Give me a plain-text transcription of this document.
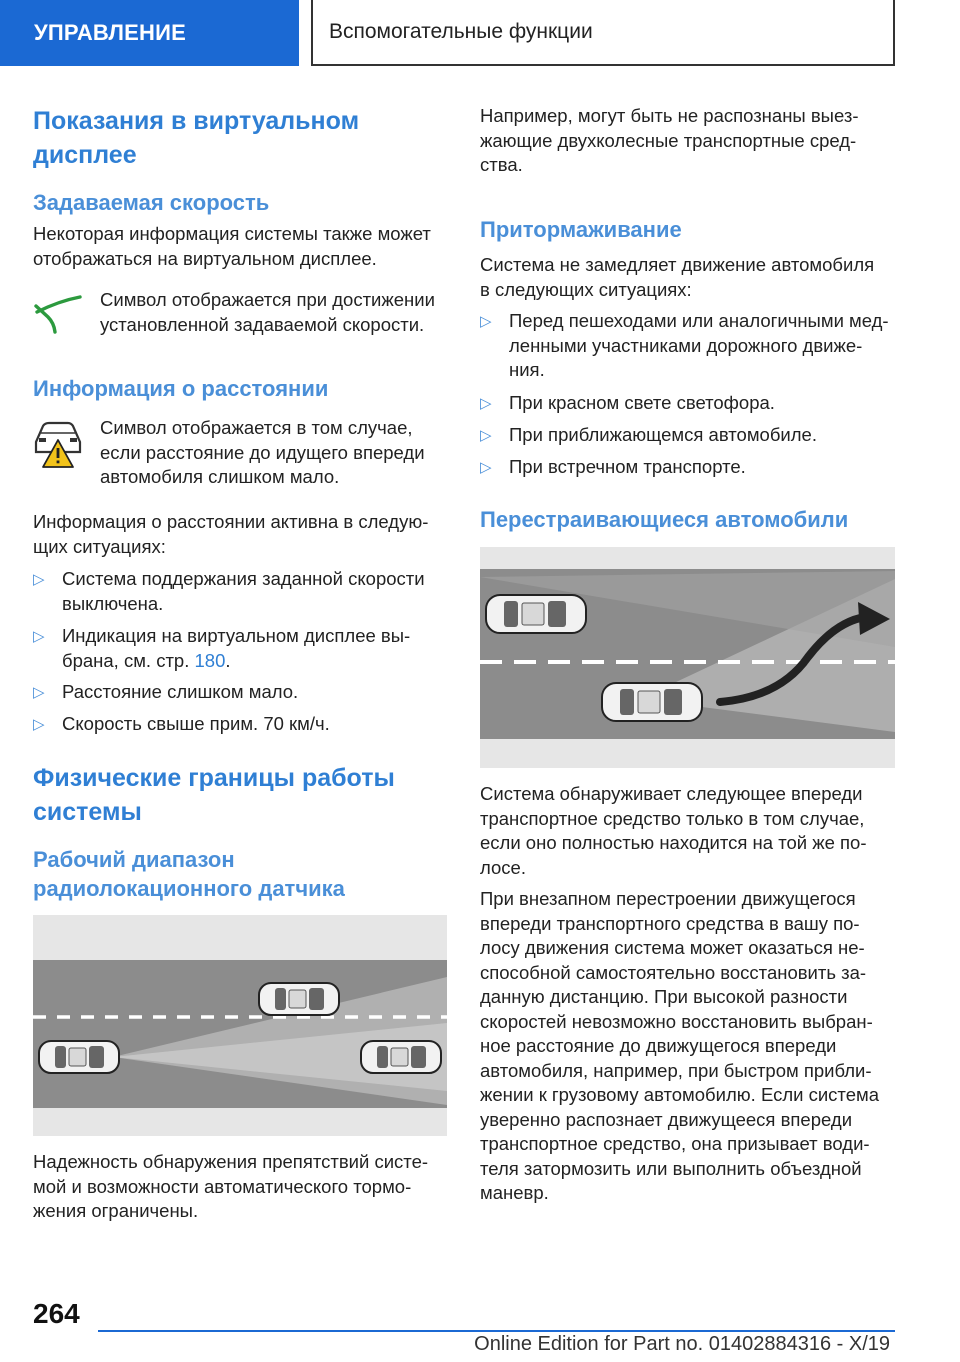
УПРАВЛЕНИЕ	Вспомогательные функции
Показания в виртуальном
дисплее
Задаваемая скорость

Некоторая информация системы также может
отображаться на виртуальном дисплее.

Символ отображается при достижении
установленной задаваемой скорости.

Информация о расстоянии

Символ отображается в том случае,
если расстояние до идущего впереди
автомобиля слишком мало.

Информация о расстоянии активна в следую-
щих ситуациях:

▷ Система поддержания заданной скорости
выключена.
▷ Индикация на виртуальном дисплее вы-
брана, см. стр. 180.
▷ Расстояние слишком мало.
▷ Скорость свыше прим. 70 км/ч.
Физические границы работы
системы
Рабочий диапазон
радиолокационного датчика

Надежность обнаружения препятствий систе-
мой и возможности автоматического тормо-
жения ограничены.

Например, могут быть не распознаны выез-
жающие двухколесные транспортные сред-
ства.

Притормаживание

Система не замедляет движение автомобиля
в следующих ситуациях:

▷ Перед пешеходами или аналогичными мед-
ленными участниками дорожного движе-
ния.
▷ При красном свете светофора.
▷ При приближающемся автомобиле.
▷ При встречном транспорте.
Перестраивающиеся автомобили

Система обнаруживает следующее впереди
транспортное средство только в том случае,
если оно полностью находится на той же по-
лосе.

При внезапном перестроении движущегося
впереди транспортного средства в вашу по-
лосу движения система может оказаться не-
способной самостоятельно восстановить за-
данную дистанцию. При высокой разности
скоростей невозможно восстановить выбран-
ное расстояние до движущегося впереди
автомобиля, например, при быстром прибли-
жении к грузовому автомобилю. Если система
уверенно распознает движущееся впереди
транспортное средство, она призывает води-
теля затормозить или выполнить объездной
маневр.

264
Online Edition for Part no. 01402884316 - X/19
